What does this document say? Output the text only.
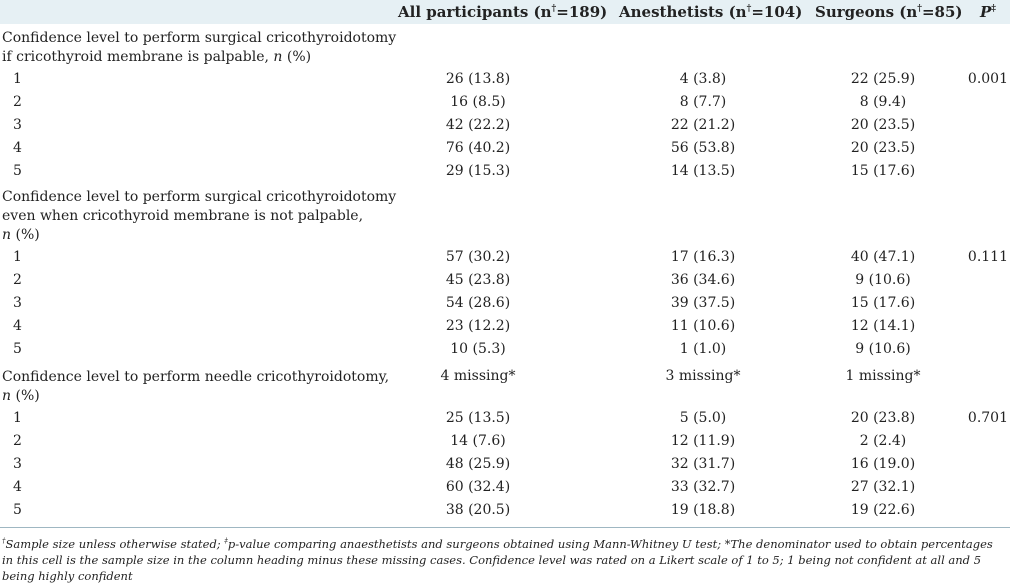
All participants (n†=189) Anesthetists (n†=104) Surgeons (n†=85) P‡
Confidence level to perform surgical cricothyroidotomy
if cricothyroid membrane is palpable, n (%)
1	26 (13.8)	4 (3.8)	22 (25.9)	0.001
2	16 (8.5)	8 (7.7)	8 (9.4)
3	42 (22.2)	22 (21.2)	20 (23.5)
4	76 (40.2)	56 (53.8)	20 (23.5)
5	29 (15.3)	14 (13.5)	15 (17.6)
Confidence level to perform surgical cricothyroidotomy
even when cricothyroid membrane is not palpable,
n (%)
1	57 (30.2)	17 (16.3)	40 (47.1)	0.111
2	45 (23.8)	36 (34.6)	9 (10.6)
3	54 (28.6)	39 (37.5)	15 (17.6)
4	23 (12.2)	11 (10.6)	12 (14.1)
5	10 (5.3)	1 (1.0)	9 (10.6)
Confidence level to perform needle cricothyroidotomy,
n (%)
4 missing*	3 missing*	1 missing*
1	25 (13.5)	5 (5.0)	20 (23.8)	0.701
2	14 (7.6)	12 (11.9)	2 (2.4)
3	48 (25.9)	32 (31.7)	16 (19.0)
4	60 (32.4)	33 (32.7)	27 (32.1)
5	38 (20.5)	19 (18.8)	19 (22.6)
†Sample size unless otherwise stated; ‡p-value comparing anaesthetists and surgeons obtained using Mann-Whitney U test; *The denominator used to obtain percentages in this cell is the sample size in the column heading minus these missing cases. Confidence level was rated on a Likert scale of 1 to 5; 1 being not confident at all and 5 being highly confident
